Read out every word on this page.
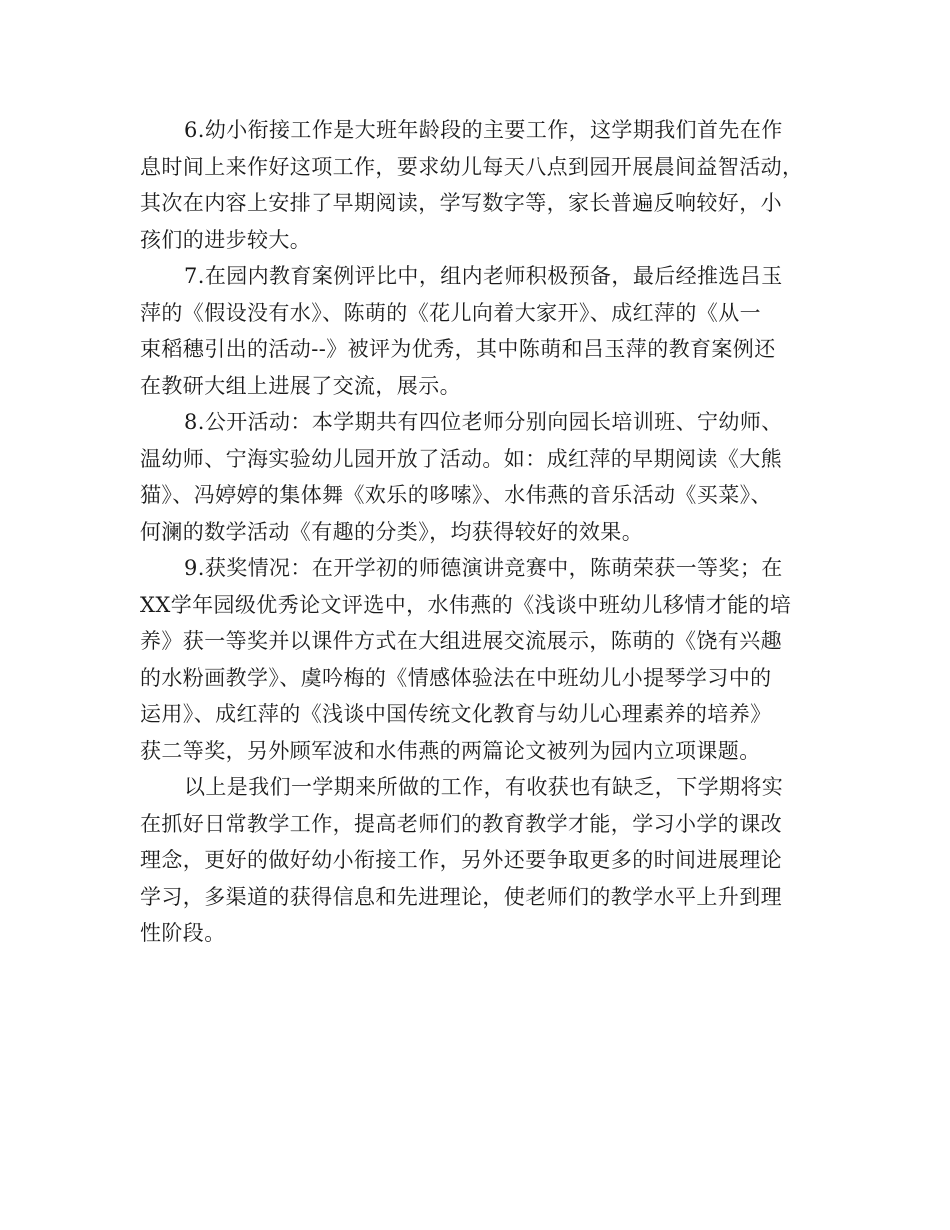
6.幼小衔接工作是大班年龄段的主要工作，这学期我们首先在作
息时间上来作好这项工作，要求幼儿每天八点到园开展晨间益智活动，
其次在内容上安排了早期阅读，学写数字等，家长普遍反响较好，小
孩们的进步较大。
7.在园内教育案例评比中，组内老师积极预备，最后经推选吕玉
萍的《假设没有水》、陈萌的《花儿向着大家开》、成红萍的《从一
束稻穗引出的活动--》被评为优秀，其中陈萌和吕玉萍的教育案例还
在教研大组上进展了交流，展示。
8.公开活动：本学期共有四位老师分别向园长培训班、宁幼师、
温幼师、宁海实验幼儿园开放了活动。如：成红萍的早期阅读《大熊
猫》、冯婷婷的集体舞《欢乐的哆嗦》、水伟燕的音乐活动《买菜》、
何澜的数学活动《有趣的分类》，均获得较好的效果。
9.获奖情况：在开学初的师德演讲竞赛中，陈萌荣获一等奖；在
XX学年园级优秀论文评选中，水伟燕的《浅谈中班幼儿移情才能的培
养》获一等奖并以课件方式在大组进展交流展示，陈萌的《饶有兴趣
的水粉画教学》、虞吟梅的《情感体验法在中班幼儿小提琴学习中的
运用》、成红萍的《浅谈中国传统文化教育与幼儿心理素养的培养》
获二等奖，另外顾军波和水伟燕的两篇论文被列为园内立项课题。
以上是我们一学期来所做的工作，有收获也有缺乏，下学期将实
在抓好日常教学工作，提高老师们的教育教学才能，学习小学的课改
理念，更好的做好幼小衔接工作，另外还要争取更多的时间进展理论
学习，多渠道的获得信息和先进理论，使老师们的教学水平上升到理
性阶段。
